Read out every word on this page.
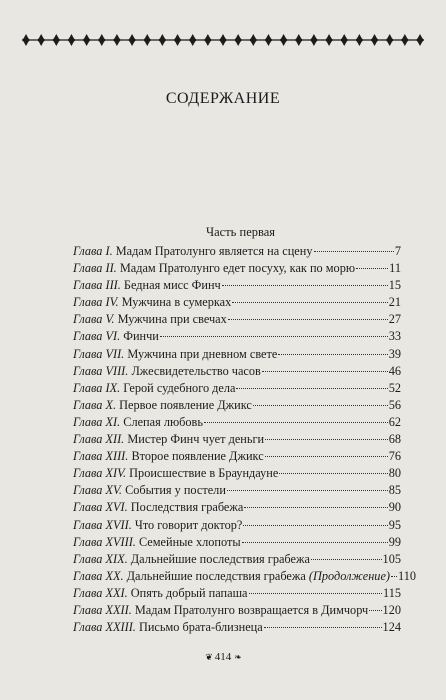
СОДЕРЖАНИЕ
Часть первая
Глава I. Мадам Пратолунго является на сцену	7
Глава II. Мадам Пратолунго едет посуху, как по морю	11
Глава III. Бедная мисс Финч	15
Глава IV. Мужчина в сумерках	21
Глава V. Мужчина при свечах	27
Глава VI. Финчи	33
Глава VII. Мужчина при дневном свете	39
Глава VIII. Лжесвидетельство часов	46
Глава IX. Герой судебного дела	52
Глава X. Первое появление Джикс	56
Глава XI. Слепая любовь	62
Глава XII. Мистер Финч чует деньги	68
Глава XIII. Второе появление Джикс	76
Глава XIV. Происшествие в Браундауне	80
Глава XV. События у постели	85
Глава XVI. Последствия грабежа	90
Глава XVII. Что говорит доктор?	95
Глава XVIII. Семейные хлопоты	99
Глава XIX. Дальнейшие последствия грабежа	105
Глава XX. Дальнейшие последствия грабежа (Продолжение) 110
Глава XXI. Опять добрый папаша	115
Глава XXII. Мадам Пратолунго возвращается в Димчорч 120
Глава XXIII. Письмо брата-близнеца	124
❦ 414 ❧
